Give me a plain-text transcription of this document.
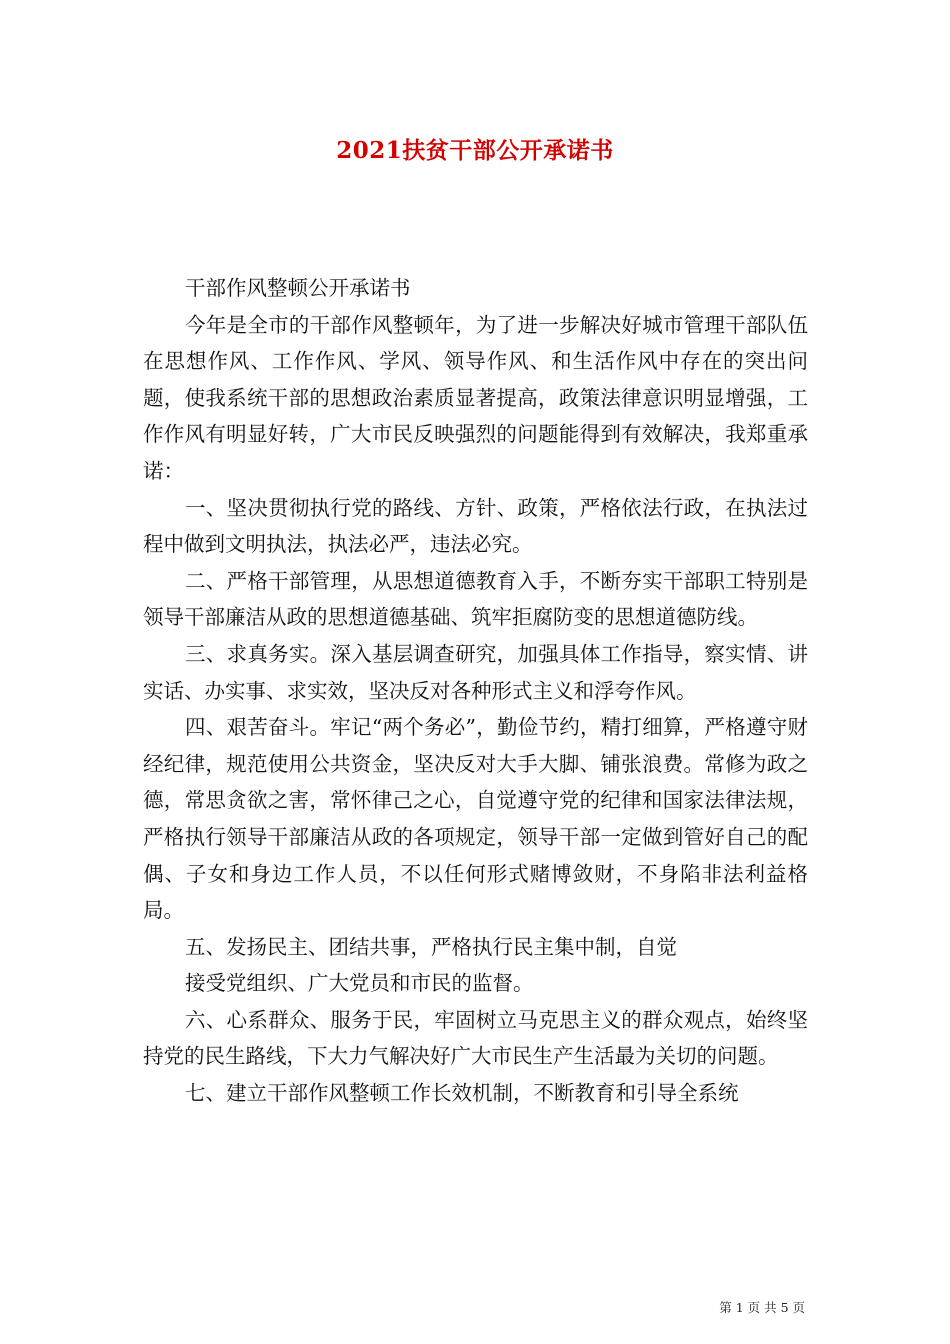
2021扶贫干部公开承诺书

干部作风整顿公开承诺书

今年是全市的干部作风整顿年，为了进一步解决好城市管理干部队伍在思想作风、工作作风、学风、领导作风、和生活作风中存在的突出问题，使我系统干部的思想政治素质显著提高，政策法律意识明显增强，工作作风有明显好转，广大市民反映强烈的问题能得到有效解决，我郑重承诺：

一、坚决贯彻执行党的路线、方针、政策，严格依法行政，在执法过程中做到文明执法，执法必严，违法必究。

二、严格干部管理，从思想道德教育入手，不断夯实干部职工特别是领导干部廉洁从政的思想道德基础、筑牢拒腐防变的思想道德防线。

三、求真务实。深入基层调查研究，加强具体工作指导，察实情、讲实话、办实事、求实效，坚决反对各种形式主义和浮夸作风。

四、艰苦奋斗。牢记“两个务必”，勤俭节约，精打细算，严格遵守财经纪律，规范使用公共资金，坚决反对大手大脚、铺张浪费。常修为政之德，常思贪欲之害，常怀律己之心，自觉遵守党的纪律和国家法律法规，严格执行领导干部廉洁从政的各项规定，领导干部一定做到管好自己的配偶、子女和身边工作人员，不以任何形式赌博敛财，不身陷非法利益格局。

五、发扬民主、团结共事，严格执行民主集中制，自觉

接受党组织、广大党员和市民的监督。

六、心系群众、服务于民，牢固树立马克思主义的群众观点，始终坚持党的民生路线，下大力气解决好广大市民生产生活最为关切的问题。

七、建立干部作风整顿工作长效机制，不断教育和引导全系统

第 1 页 共 5 页
